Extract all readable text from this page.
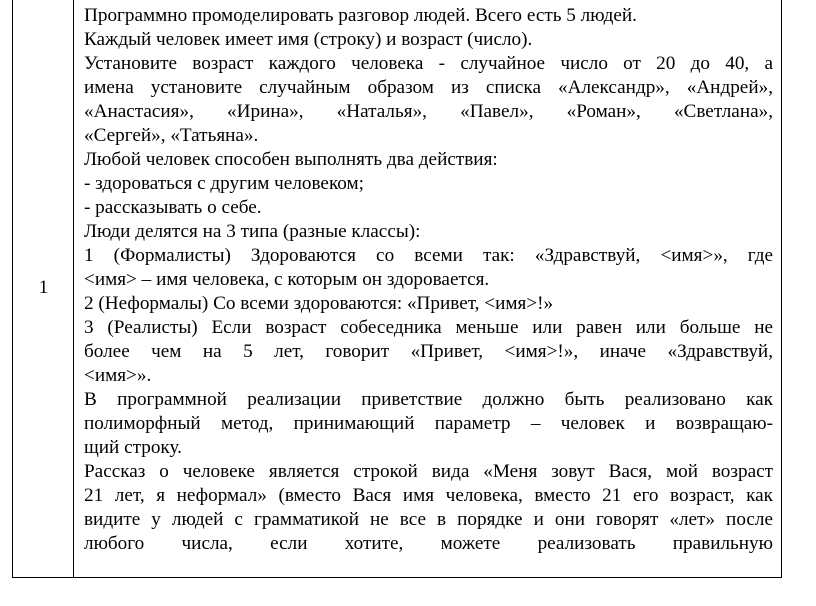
1
Программно промоделировать разговор людей. Всего есть 5 людей.
Каждый человек имеет имя (строку) и возраст (число).
Установите возраст каждого человека - случайное число от 20 до 40, а
имена установите случайным образом из списка «Александр», «Андрей»,
«Анастасия», «Ирина», «Наталья», «Павел», «Роман», «Светлана»,
«Сергей», «Татьяна».
Любой человек способен выполнять два действия:
- здороваться с другим человеком;
- рассказывать о себе.
Люди делятся на 3 типа (разные классы):
1 (Формалисты) Здороваются со всеми так: «Здравствуй, <имя>», где
<имя> – имя человека, с которым он здоровается.
2 (Неформалы) Со всеми здороваются: «Привет, <имя>!»
3 (Реалисты) Если возраст собеседника меньше или равен или больше не
более чем на 5 лет, говорит «Привет, <имя>!», иначе «Здравствуй,
<имя>».
В программной реализации приветствие должно быть реализовано как
полиморфный метод, принимающий параметр – человек и возвращаю-
щий строку.
Рассказ о человеке является строкой вида «Меня зовут Вася, мой возраст
21 лет, я неформал» (вместо Вася имя человека, вместо 21 его возраст, как
видите у людей с грамматикой не все в порядке и они говорят «лет» после
любого числа, если хотите, можете реализовать правильную
